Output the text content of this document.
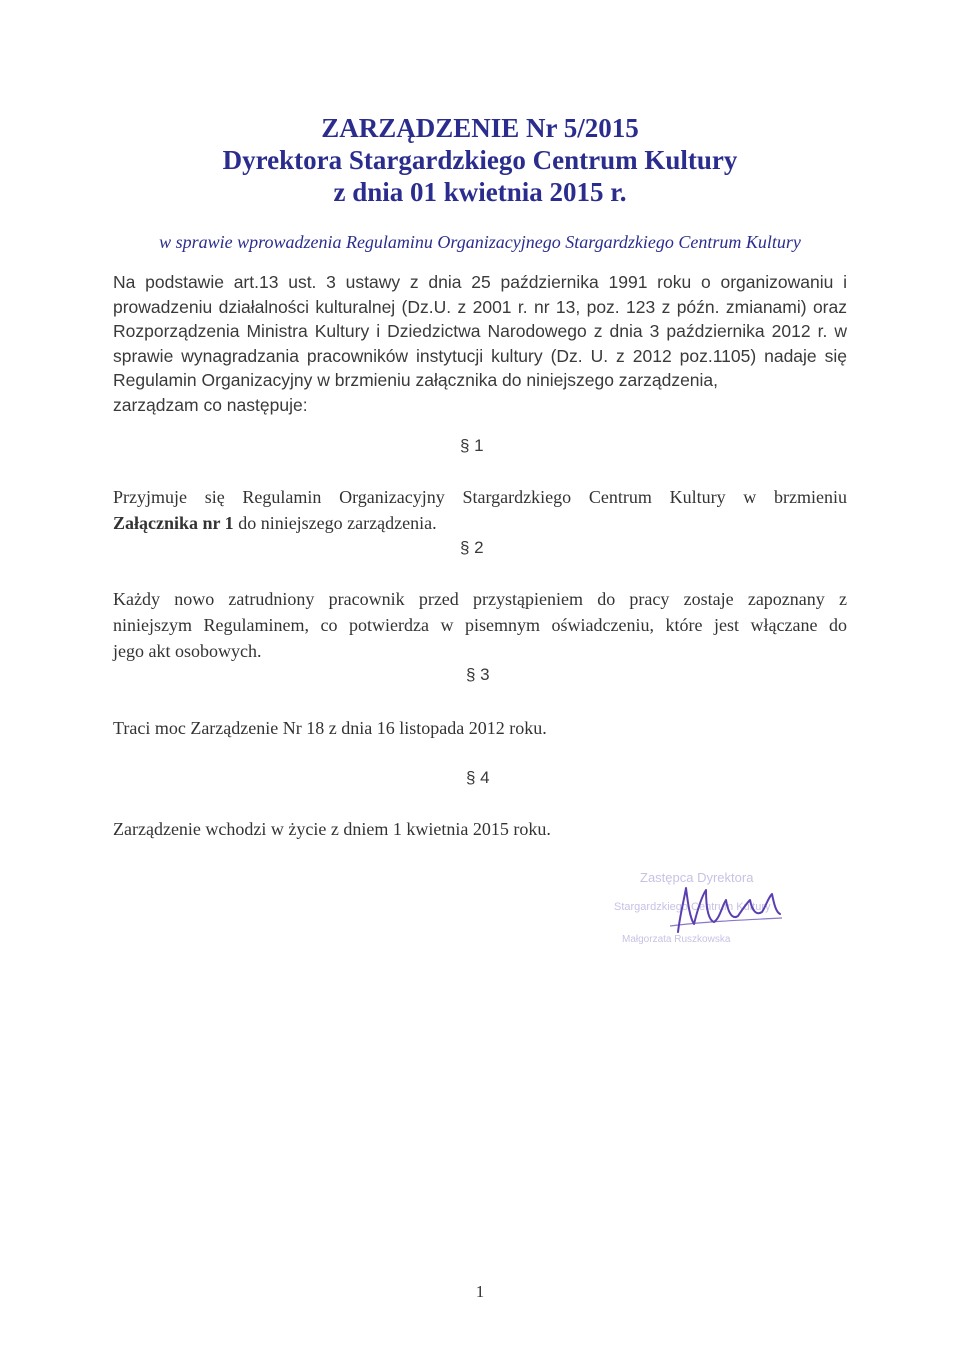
ZARZĄDZENIE Nr 5/2015
Dyrektora Stargardzkiego Centrum Kultury
z dnia 01 kwietnia 2015 r.
w sprawie wprowadzenia Regulaminu Organizacyjnego Stargardzkiego Centrum Kultury
Na podstawie art.13 ust. 3 ustawy z dnia 25 października 1991 roku o organizowaniu i
prowadzeniu działalności kulturalnej (Dz.U. z 2001 r. nr 13, poz. 123 z późn. zmianami) oraz
Rozporządzenia Ministra Kultury i Dziedzictwa Narodowego z dnia 3 października 2012 r. w
sprawie wynagradzania pracowników instytucji kultury (Dz. U. z 2012 poz.1105) nadaje się
Regulamin Organizacyjny w brzmieniu załącznika do niniejszego zarządzenia,
zarządzam co następuje:
§ 1
Przyjmuje się Regulamin Organizacyjny Stargardzkiego Centrum Kultury w brzmieniu
Załącznika nr 1 do niniejszego zarządzenia.
§ 2
Każdy nowo zatrudniony pracownik przed przystąpieniem do pracy zostaje zapoznany z
niniejszym Regulaminem, co potwierdza w pisemnym oświadczeniu, które jest włączane do
jego akt osobowych.
§ 3
Traci moc Zarządzenie Nr 18 z dnia 16 listopada 2012 roku.
§ 4
Zarządzenie wchodzi w życie z dniem 1 kwietnia 2015 roku.
Zastępca Dyrektora
Stargardzkiego Centrum Kultury
Małgorzata Ruszkowska
1
